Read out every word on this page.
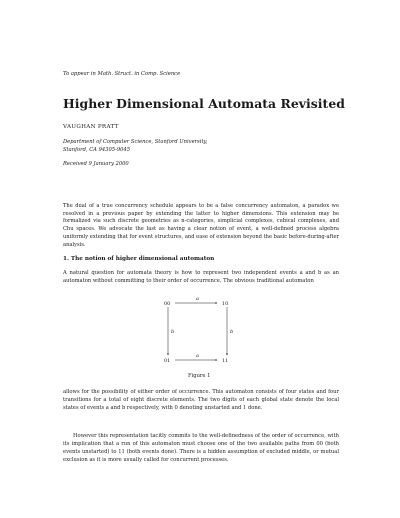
To appear in Math. Struct. in Comp. Science

Higher Dimensional Automata Revisited

VAUGHAN PRATT

Department of Computer Science, Stanford University,
Stanford, CA 94305-9045

Received 9 January 2000

The dual of a true concurrency schedule appears to be a false concurrency automaton, a paradox we resolved in a previous paper by extending the latter to higher dimensions. This extension may be formalized via such discrete geometries as n-categories, simplicial complexes, cubical complexes, and Chu spaces. We advocate the last as having a clear notion of event, a well-defined process algebra uniformly extending that for event structures, and ease of extension beyond the basic before-during-after analysis.

1. The notion of higher dimensional automaton

A natural question for automata theory is how to represent two independent events a and b as an automaton without committing to their order of occurrence. The obvious traditional automaton

00	10
01	11
a
a
b	b

Figure 1

allows for the possibility of either order of occurrence. This automaton consists of four states and four transitions for a total of eight discrete elements. The two digits of each global state denote the local states of events a and b respectively, with 0 denoting unstarted and 1 done.

However this representation tacitly commits to the well-definedness of the order of occurrence, with its implication that a run of this automaton must choose one of the two available paths from 00 (both events unstarted) to 11 (both events done). There is a hidden assumption of excluded middle, or mutual exclusion as it is more usually called for concurrent processes.
